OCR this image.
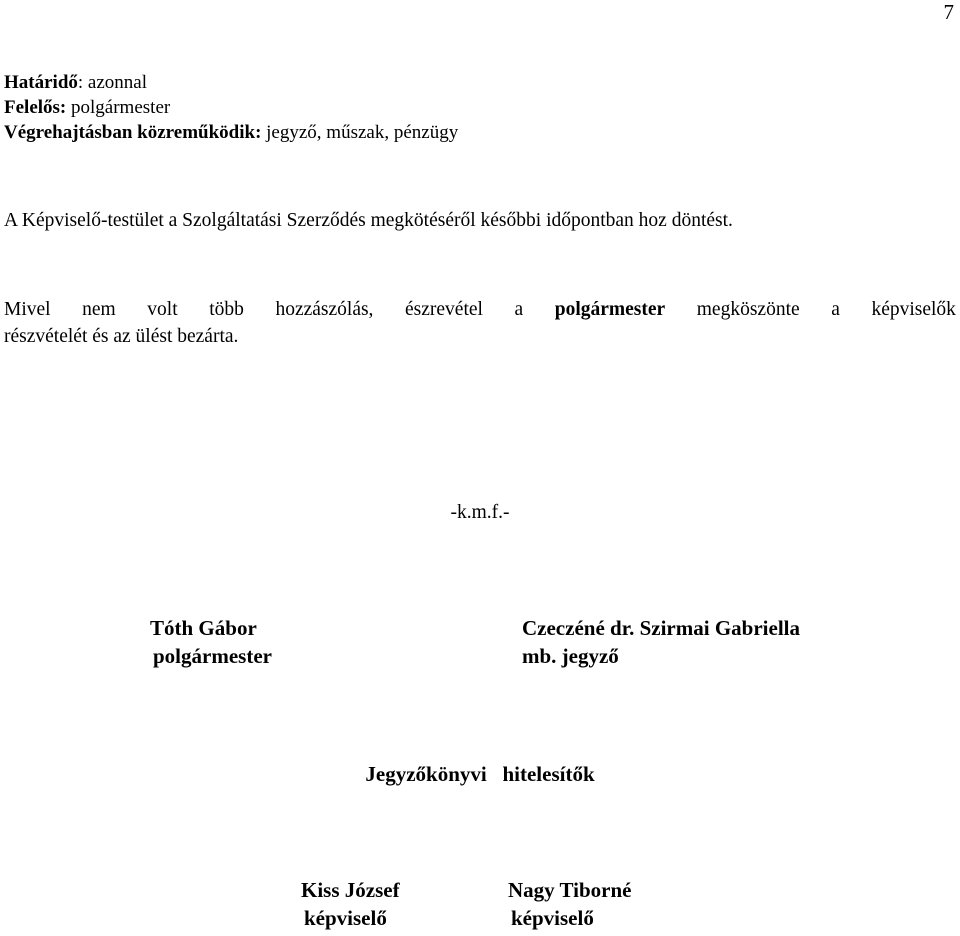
7
Határidő: azonnal
Felelős: polgármester
Végrehajtásban közreműködik: jegyző, műszak, pénzügy
A Képviselő-testület a Szolgáltatási Szerződés megkötéséről későbbi időpontban hoz döntést.
Mivel nem volt több hozzászólás, észrevétel a polgármester megköszönte a képviselők
részvételét és az ülést bezárta.
-k.m.f.-
Tóth Gábor
polgármester
Czeczéné dr. Szirmai Gabriella
mb. jegyző
Jegyzőkönyvi   hitelesítők
Kiss József
képviselő
Nagy Tiborné
képviselő
